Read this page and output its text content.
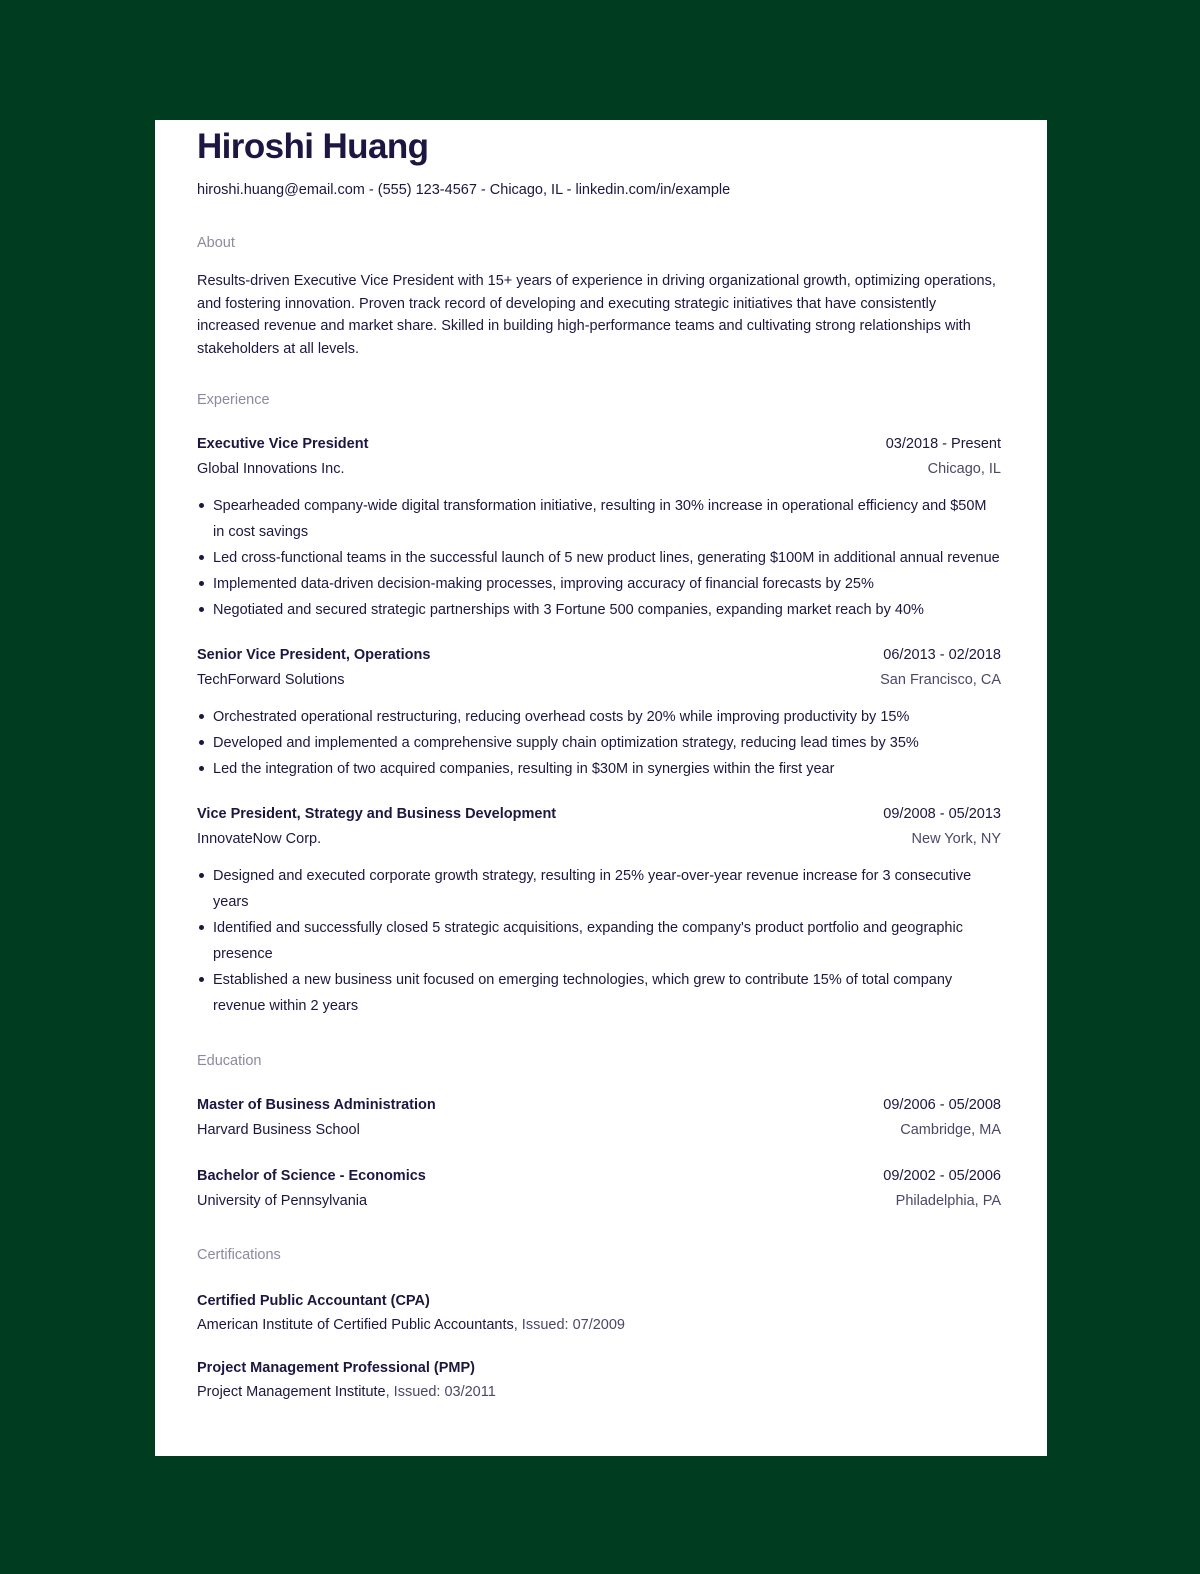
Hiroshi Huang
hiroshi.huang@email.com - (555) 123-4567 - Chicago, IL - linkedin.com/in/example
About

Results-driven Executive Vice President with 15+ years of experience in driving organizational growth, optimizing operations, and fostering innovation. Proven track record of developing and executing strategic initiatives that have consistently increased revenue and market share. Skilled in building high-performance teams and cultivating strong relationships with stakeholders at all levels.

Experience
Executive Vice President	03/2018 - Present
Global Innovations Inc.	Chicago, IL
Spearheaded company-wide digital transformation initiative, resulting in 30% increase in operational efficiency and $50M in cost savings
Led cross-functional teams in the successful launch of 5 new product lines, generating $100M in additional annual revenue
Implemented data-driven decision-making processes, improving accuracy of financial forecasts by 25%
Negotiated and secured strategic partnerships with 3 Fortune 500 companies, expanding market reach by 40%
Senior Vice President, Operations	06/2013 - 02/2018
TechForward Solutions	San Francisco, CA
Orchestrated operational restructuring, reducing overhead costs by 20% while improving productivity by 15%
Developed and implemented a comprehensive supply chain optimization strategy, reducing lead times by 35%
Led the integration of two acquired companies, resulting in $30M in synergies within the first year
Vice President, Strategy and Business Development	09/2008 - 05/2013
InnovateNow Corp.	New York, NY
Designed and executed corporate growth strategy, resulting in 25% year-over-year revenue increase for 3 consecutive years
Identified and successfully closed 5 strategic acquisitions, expanding the company's product portfolio and geographic presence
Established a new business unit focused on emerging technologies, which grew to contribute 15% of total company revenue within 2 years
Education
Master of Business Administration	09/2006 - 05/2008
Harvard Business School	Cambridge, MA
Bachelor of Science - Economics	09/2002 - 05/2006
University of Pennsylvania	Philadelphia, PA
Certifications
Certified Public Accountant (CPA)
American Institute of Certified Public Accountants, Issued: 07/2009
Project Management Professional (PMP)
Project Management Institute, Issued: 03/2011
